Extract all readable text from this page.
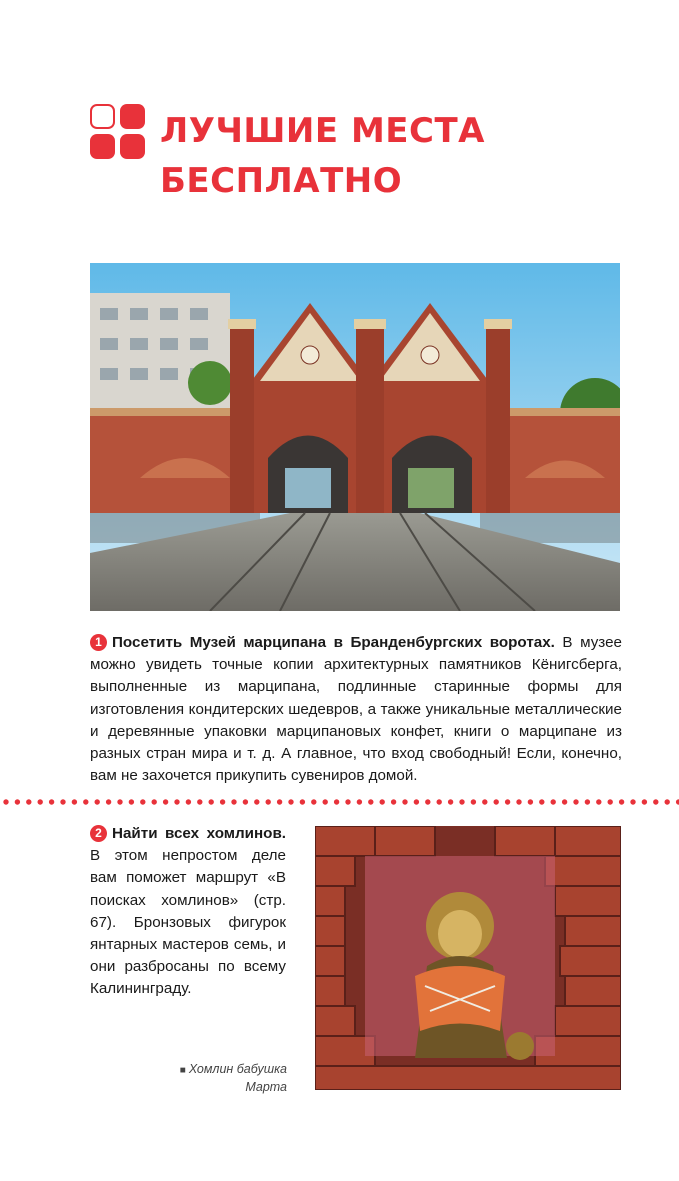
ЛУЧШИЕ МЕСТА БЕСПЛАТНО
1 Посетить Музей марципана в Бранденбургских воротах. В музее можно увидеть точные копии архитектурных памятников Кёнигсберга, выполненные из марципана, подлинные старинные формы для изготовления кондитерских шедевров, а также уникальные металлические и деревянные упаковки марципановых конфет, книги о марципане из разных стран мира и т. д. А главное, что вход свободный! Если, конечно, вам не захочется прикупить сувениров домой.
2 Найти всех хомлинов. В этом непростом деле вам поможет маршрут «В поисках хомлинов» (стр. 67). Бронзовых фигурок янтарных мастеров семь, и они разбросаны по всему Калининграду.
■ Хомлин бабушка Марта
